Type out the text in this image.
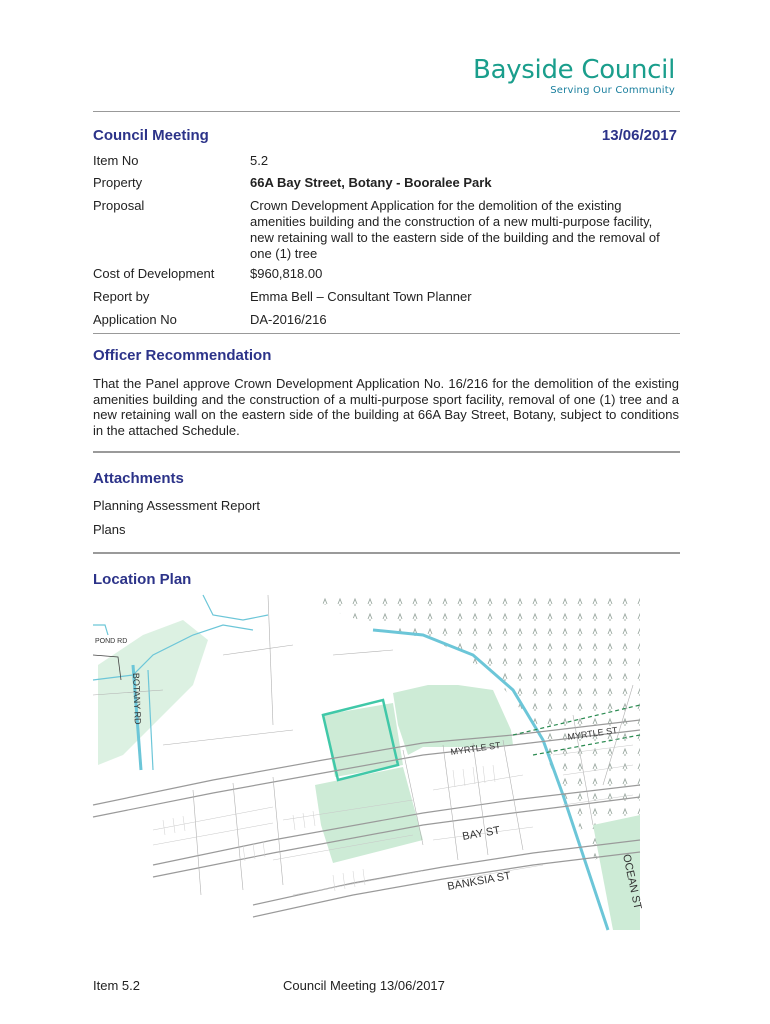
Bayside Council
Serving Our Community
Council Meeting	13/06/2017
Item No	5.2
Property	66A Bay Street, Botany - Booralee Park
Proposal	Crown Development Application for the demolition of the existing amenities building and the construction of a new multi-purpose facility, new retaining wall to the eastern side of the building and the removal of one (1) tree
Cost of Development	$960,818.00
Report by	Emma Bell – Consultant Town Planner
Application No	DA-2016/216
Officer Recommendation
That the Panel approve Crown Development Application No. 16/216 for the demolition of the existing amenities building and the construction of a multi-purpose sport facility, removal of one (1) tree and a new retaining wall on the eastern side of the building at 66A Bay Street, Botany, subject to conditions in the attached Schedule.
Attachments
Planning Assessment Report
Plans
Location Plan
POND RD
BOTANY RD
MYRTLE ST
MYRTLE ST
BAY ST
BANKSIA ST	OCEAN ST
Item 5.2	Council Meeting 13/06/2017
